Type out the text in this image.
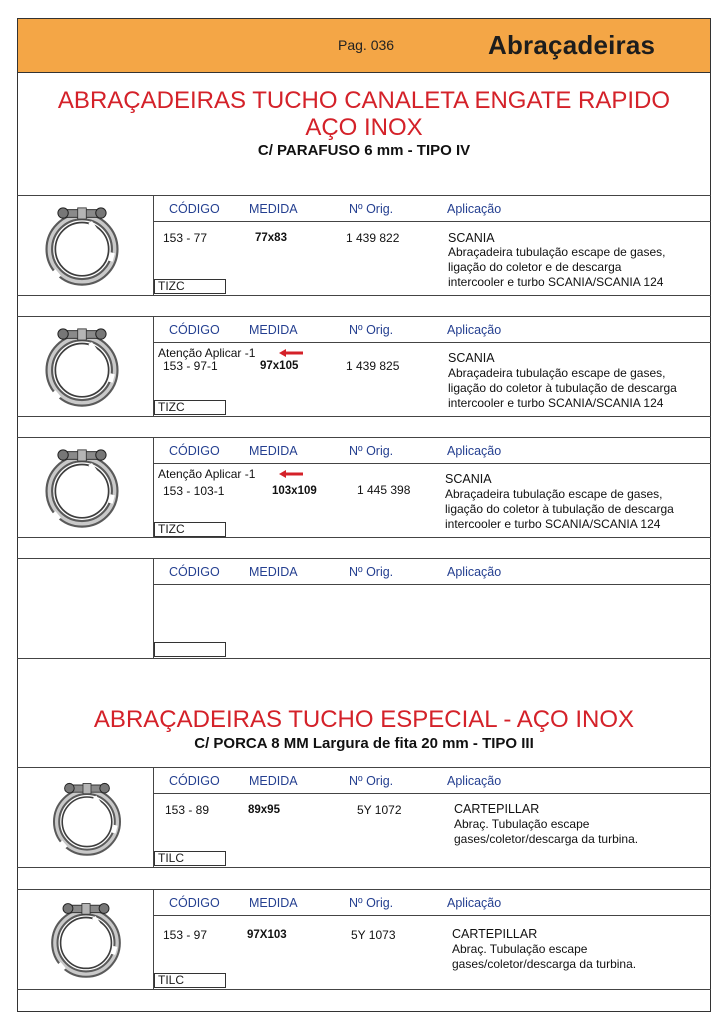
Pag. 036	Abraçadeiras
ABRAÇADEIRAS TUCHO CANALETA ENGATE RAPIDO
AÇO INOX
C/ PARAFUSO 6 mm - TIPO IV
CÓDIGO MEDIDA	Nº Orig.	Aplicação
153 - 77	77x83	1 439 822	SCANIA
Abraçadeira tubulação escape de gases,
ligação do coletor e de descarga
intercooler e turbo SCANIA/SCANIA 124
TIZC
CÓDIGO MEDIDA	Nº Orig.	Aplicação
Atenção Aplicar -1
153 - 97-1	97x105	1 439 825
SCANIA
Abraçadeira tubulação escape de gases,
ligação do coletor à tubulação de descarga
intercooler e turbo SCANIA/SCANIA 124
TIZC
CÓDIGO MEDIDA	Nº Orig.	Aplicação
Atenção Aplicar -1
153 - 103-1	103x109	1 445 398
SCANIA
Abraçadeira tubulação escape de gases,
ligação do coletor à tubulação de descarga
intercooler e turbo SCANIA/SCANIA 124
TIZC
CÓDIGO MEDIDA	Nº Orig.	Aplicação
ABRAÇADEIRAS TUCHO ESPECIAL - AÇO INOX
C/ PORCA 8 MM Largura de fita 20 mm - TIPO III
CÓDIGO MEDIDA	Nº Orig.	Aplicação
153 - 89	89x95	5Y 1072	CARTEPILLAR
Abraç. Tubulação escape
gases/coletor/descarga da turbina.
TILC
CÓDIGO MEDIDA	Nº Orig.	Aplicação
153 - 97	97X103	5Y 1073	CARTEPILLAR
Abraç. Tubulação escape
gases/coletor/descarga da turbina.
TILC
